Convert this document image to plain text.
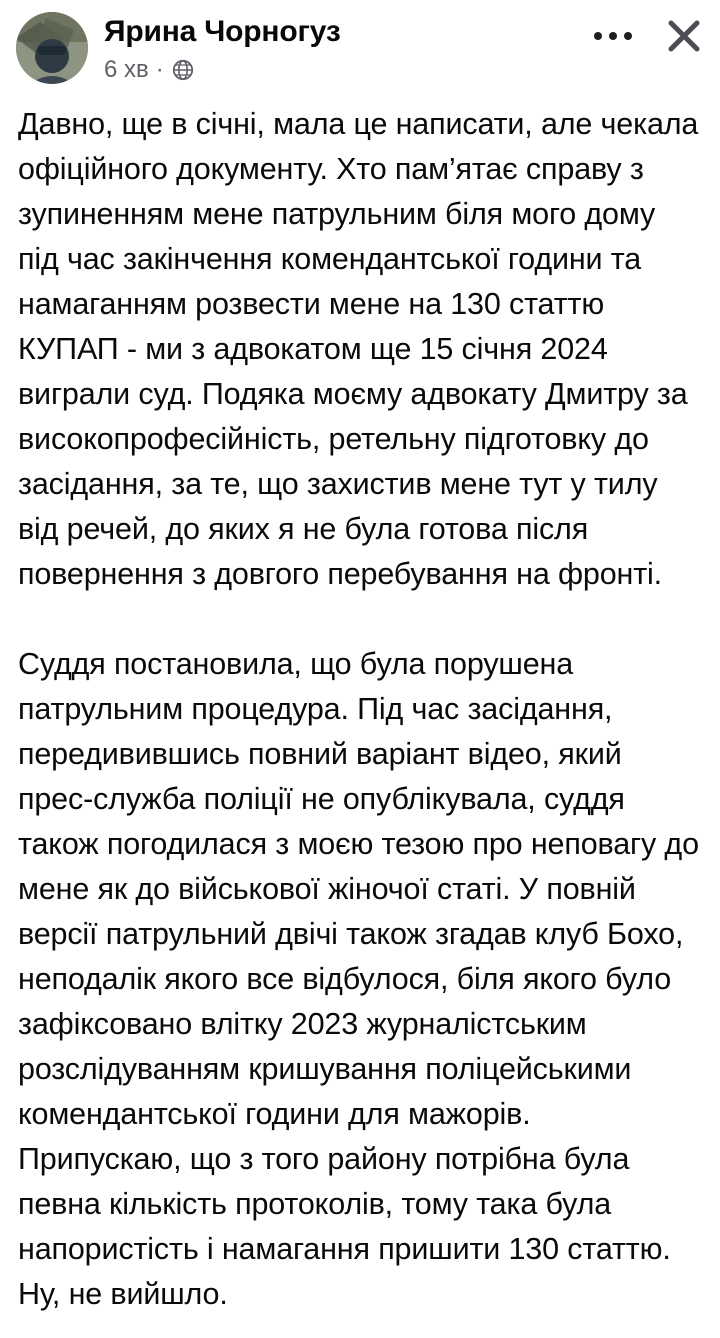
Ярина Чорногуз
6 хв ·

Давно, ще в січні, мала це написати, але чекала офіційного документу. Хто пам’ятає справу з зупиненням мене патрульним біля мого дому під час закінчення комендантської години та намаганням розвести мене на 130 статтю КУПАП - ми з адвокатом ще 15 січня 2024 виграли суд. Подяка моєму адвокату Дмитру за високопрофесійність, ретельну підготовку до засідання, за те, що захистив мене тут у тилу від речей, до яких я не була готова після повернення з довгого перебування на фронті.

Суддя постановила, що була порушена патрульним процедура. Під час засідання, передивившись повний варіант відео, який прес-служба поліції не опублікувала, суддя також погодилася з моєю тезою про неповагу до мене як до військової жіночої статі. У повній версії патрульний двічі також згадав клуб Бохо, неподалік якого все відбулося, біля якого було зафіксовано влітку 2023 журналістським розслідуванням кришування поліцейськими комендантської години для мажорів. Припускаю, що з того району потрібна була певна кількість протоколів, тому така була напористість і намагання пришити 130 статтю. Ну, не вийшло.
